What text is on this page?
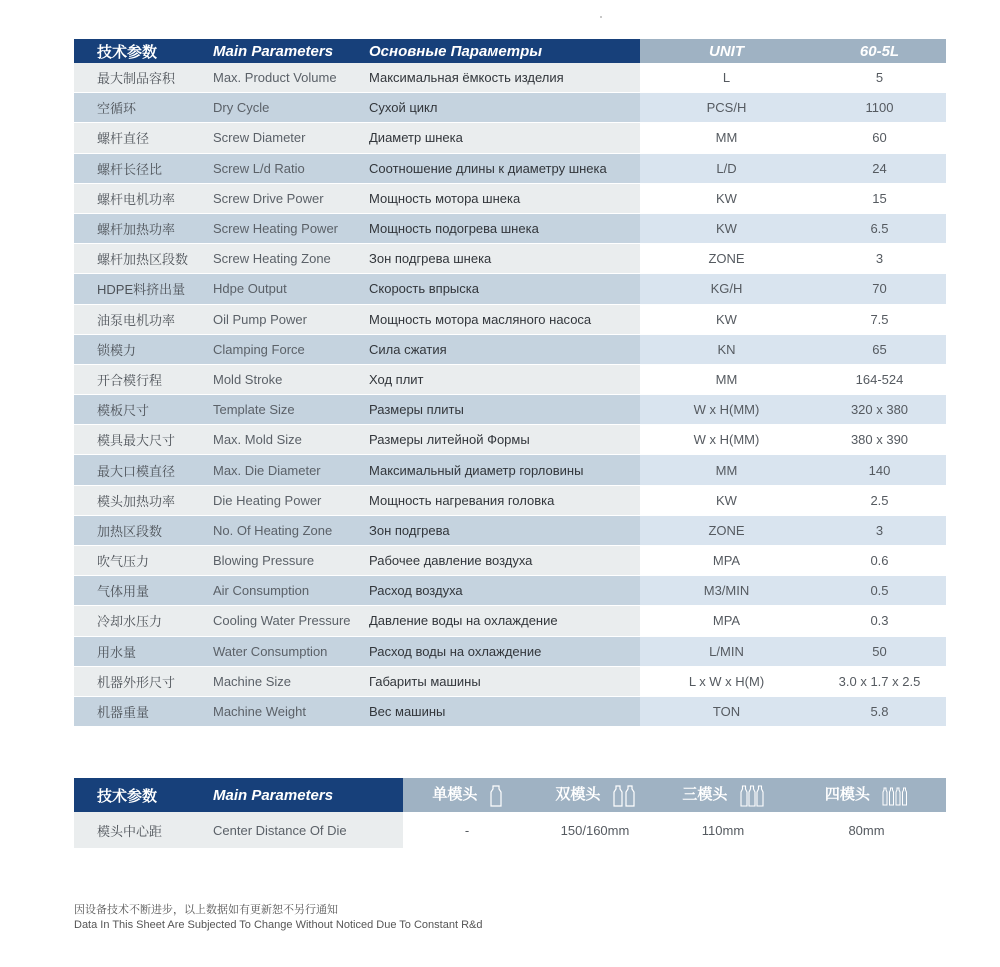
技术参数	Main Parameters	Основные Параметры	UNIT	60-5L
最大制品容积	Max. Product Volume	Максимальная ёмкость изделия	L	5
空循环	Dry Cycle	Сухой цикл	PCS/H	1100
螺杆直径	Screw Diameter	Диаметр шнека	MM	60
螺杆长径比	Screw L/d Ratio	Соотношение длины к диаметру шнека	L/D	24
螺杆电机功率	Screw Drive Power	Мощность мотора шнека	KW	15
螺杆加热功率	Screw Heating Power	Мощность подогрева шнека	KW	6.5
螺杆加热区段数	Screw Heating Zone	Зон подгрева шнека	ZONE	3
HDPE料挤出量	Hdpe Output	Скорость впрыска	KG/H	70
油泵电机功率	Oil Pump Power	Мощность мотора масляного насоса	KW	7.5
锁模力	Clamping Force	Сила сжатия	KN	65
开合模行程	Mold Stroke	Ход плит	MM	164-524
模板尺寸	Template Size	Размеры плиты	W x H(MM)	320 x 380
模具最大尺寸	Max. Mold Size	Размеры литейной Формы	W x H(MM)	380 x 390
最大口模直径	Max. Die Diameter	Максимальный диаметр горловины	MM	140
模头加热功率	Die Heating Power	Мощность нагревания головка	KW	2.5
加热区段数	No. Of Heating Zone	Зон подгрева	ZONE	3
吹气压力	Blowing Pressure	Рабочее давление воздуха	MPA	0.6
气体用量	Air Consumption	Расход воздуха	M3/MIN	0.5
冷却水压力	Cooling Water Pressure	Давление воды на охлаждение	MPA	0.3
用水量	Water Consumption	Расход воды на охлаждение	L/MIN	50
机器外形尺寸	Machine Size	Габариты машины	L x W x H(M)	3.0 x 1.7 x 2.5
机器重量	Machine Weight	Вес машины	TON	5.8
技术参数	Main Parameters	单模头	双模头	三模头	四模头

模头中心距	Center Distance Of Die	-	150/160mm	110mm	80mm
因设备技术不断进步，以上数据如有更新恕不另行通知
Data In This Sheet Are Subjected To Change Without Noticed Due To Constant R&d
